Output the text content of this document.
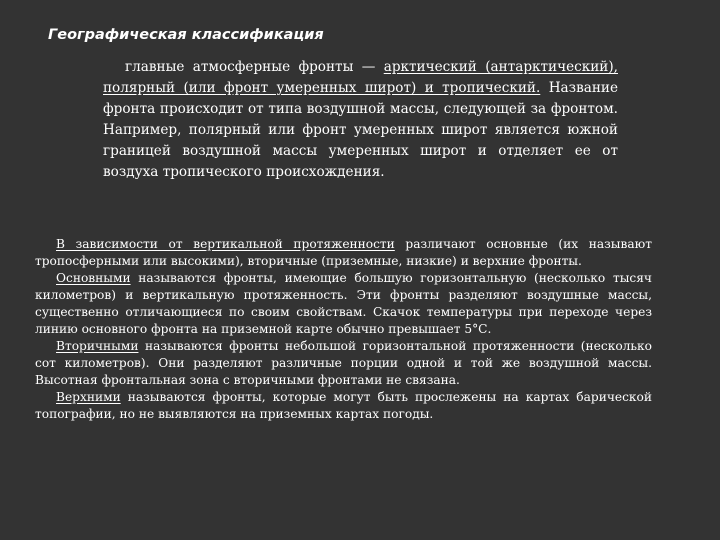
Географическая классификация
главные атмосферные фронты — арктический (антарктический), полярный (или фронт умеренных широт) и тропический. Название фронта происходит от типа воздушной массы, следующей за фронтом. Например, полярный или фронт умеренных широт является южной границей воздушной массы умеренных широт и отделяет ее от воздуха тропического происхождения.

В зависимости от вертикальной протяженности различают основные (их называют тропосферными или высокими), вторичные (приземные, низкие) и верхние фронты.

Основными называются фронты, имеющие большую горизонтальную (несколько тысяч километров) и вертикальную протяженность. Эти фронты разделяют воздушные массы, существенно отличающиеся по своим свойствам. Скачок температуры при переходе через линию основного фронта на приземной карте обычно превышает 5°С.

Вторичными называются фронты небольшой горизонтальной протяженности (несколько сот километров). Они разделяют различные порции одной и той же воздушной массы. Высотная фронтальная зона с вторичными фронтами не связана.

Верхними называются фронты, которые могут быть прослежены на картах барической топографии, но не выявляются на приземных картах погоды.
